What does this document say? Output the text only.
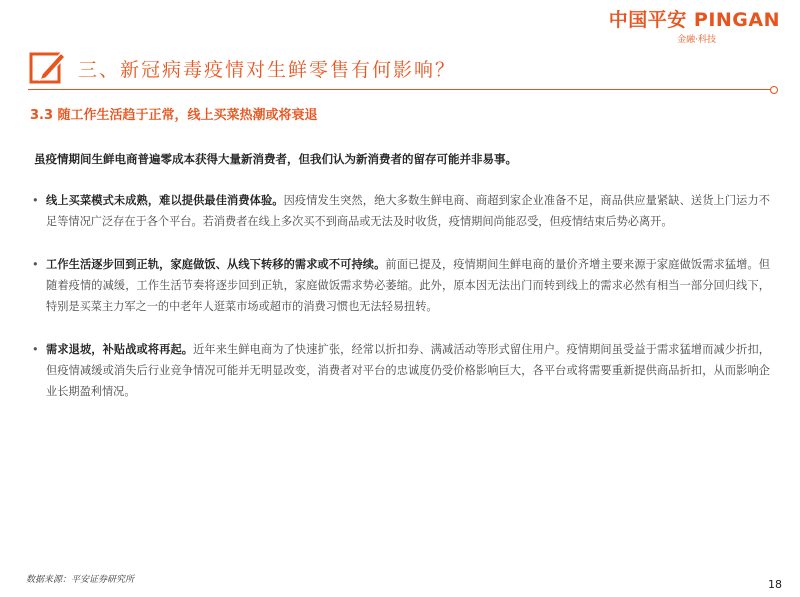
中国平安 PINGAN
金融·科技
三、新冠病毒疫情对生鲜零售有何影响？
3.3 随工作生活趋于正常，线上买菜热潮或将衰退
虽疫情期间生鲜电商普遍零成本获得大量新消费者，但我们认为新消费者的留存可能并非易事。
• 线上买菜模式未成熟，难以提供最佳消费体验。因疫情发生突然，绝大多数生鲜电商、商超到家企业准备不足，商品供应量紧缺、送货上门运力不足等情况广泛存在于各个平台。若消费者在线上多次买不到商品或无法及时收货，疫情期间尚能忍受，但疫情结束后势必离开。
• 工作生活逐步回到正轨，家庭做饭、从线下转移的需求或不可持续。前面已提及，疫情期间生鲜电商的量价齐增主要来源于家庭做饭需求猛增。但随着疫情的减缓，工作生活节奏将逐步回到正轨，家庭做饭需求势必萎缩。此外，原本因无法出门而转到线上的需求必然有相当一部分回归线下，特别是买菜主力军之一的中老年人逛菜市场或超市的消费习惯也无法轻易扭转。
• 需求退坡，补贴战或将再起。近年来生鲜电商为了快速扩张，经常以折扣券、满减活动等形式留住用户。疫情期间虽受益于需求猛增而减少折扣，但疫情减缓或消失后行业竞争情况可能并无明显改变，消费者对平台的忠诚度仍受价格影响巨大，各平台或将需要重新提供商品折扣，从而影响企业长期盈利情况。
数据来源：平安证券研究所	18
